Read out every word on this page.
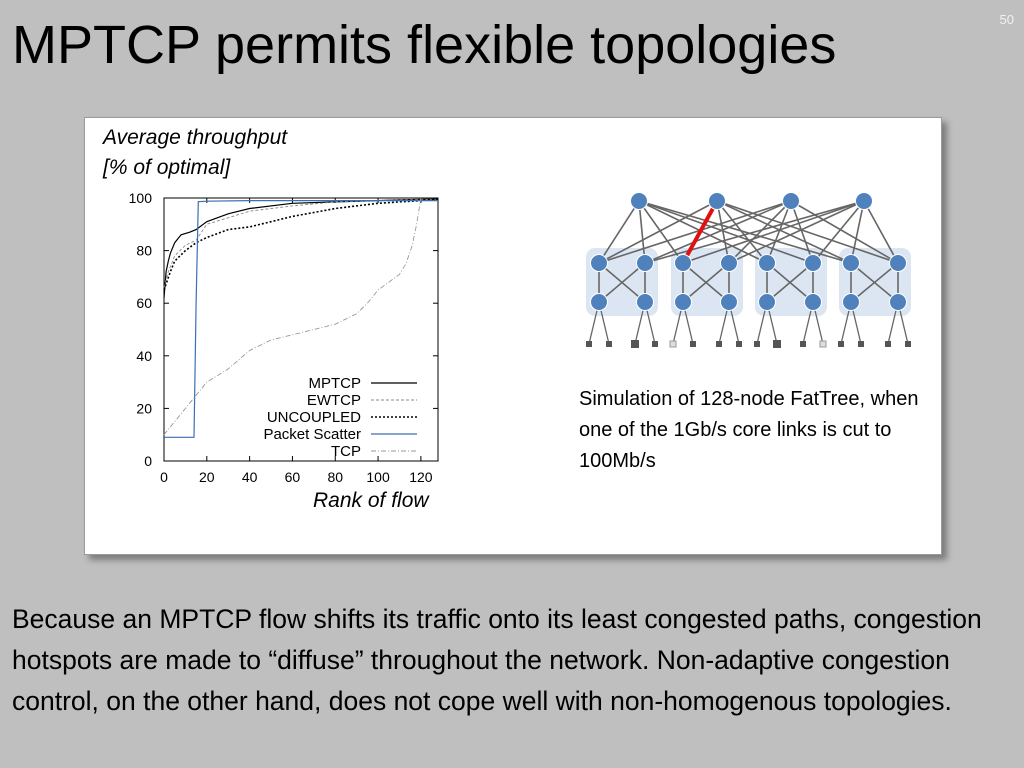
MPTCP permits flexible topologies	50
Average throughput
[% of optimal]
0 20 40 60 80 100 120
0
20
40
60
80
100
MPTCP
EWTCP
UNCOUPLED
Packet Scatter
TCP
Rank of flow
Simulation of 128-node FatTree, when one of the 1Gb/s core links is cut to 100Mb/s
Because an MPTCP flow shifts its traffic onto its least congested paths, congestion hotspots are made to “diffuse” throughout the network. Non-adaptive congestion control, on the other hand, does not cope well with non-homogenous topologies.
